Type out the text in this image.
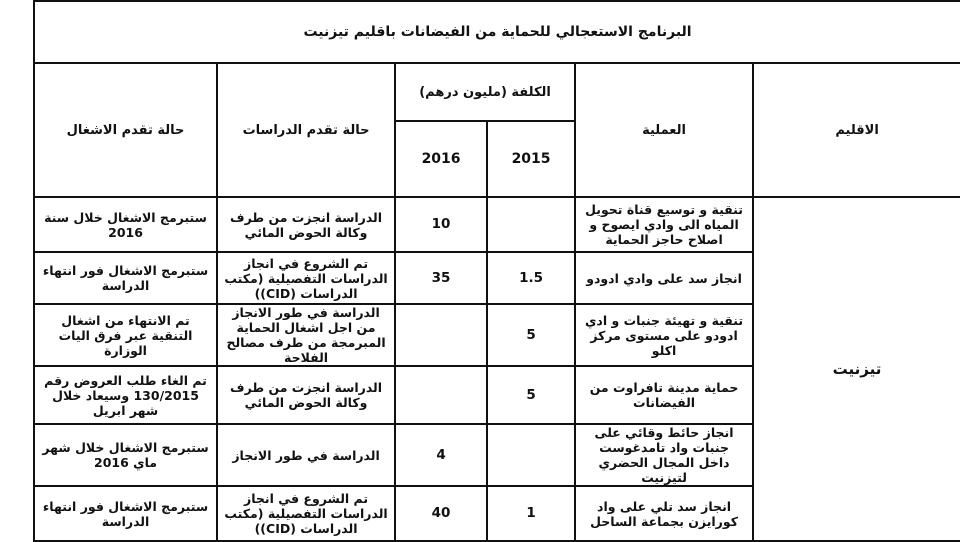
البرنامج الاستعجالي للحماية من الفيضانات باقليم تيزنيت					
الاقليم	العملية	الكلفة (مليون درهم)		حالة تقدم الدراسات	حالة تقدم الاشغال
		2015	2016		
تيزنيت	تنقية و توسيع قناة تحويل المياه الى وادي ايصوح و اصلاح حاجز الحماية		10	الدراسة انجزت من طرف وكالة الحوض المائي	ستبرمج الاشغال خلال سنة 2016
	انجاز سد على وادي ادودو	1.5	35	تم الشروع في انجاز الدراسات التفصيلية (مكتب الدراسات (CID))	ستبرمج الاشغال فور انتهاء الدراسة
	تنقية و تهيئة جنبات و ادي ادودو على مستوى مركز اكلو	5		الدراسة في طور الانجاز من اجل اشغال الحماية المبرمجة من طرف مصالح الفلاحة	تم الانتهاء من اشغال التنقية عبر فرق اليات الوزارة
	حماية مدينة تافراوت من الفيضانات	5		الدراسة انجزت من طرف وكالة الحوض المائي	تم الغاء طلب العروض رقم 130/2015 وسيعاد خلال شهر ابريل
	انجاز حائط وقائي على جنبات واد تامدغوست داخل المجال الحضري لتيزنيت		4	الدراسة في طور الانجاز	ستبرمج الاشغال خلال شهر ماي 2016
	انجاز سد تلي على واد كورايزن بجماعة الساحل	1	40	تم الشروع في انجاز الدراسات التفصيلية (مكتب الدراسات (CID))	ستبرمج الاشغال فور انتهاء الدراسة
